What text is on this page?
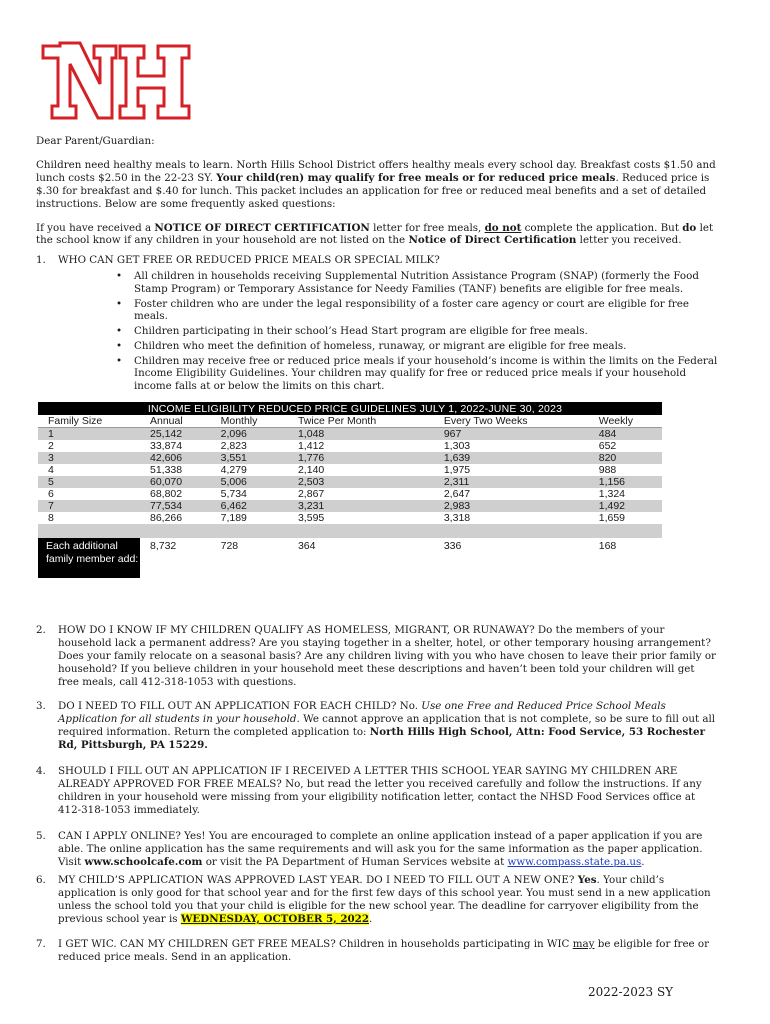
NH

Dear Parent/Guardian:

Children need healthy meals to learn. North Hills School District offers healthy meals every school day. Breakfast costs $1.50 and lunch costs $2.50 in the 22-23 SY. Your child(ren) may qualify for free meals or for reduced price meals. Reduced price is $.30 for breakfast and $.40 for lunch. This packet includes an application for free or reduced meal benefits and a set of detailed instructions. Below are some frequently asked questions:

If you have received a NOTICE OF DIRECT CERTIFICATION letter for free meals, do not complete the application. But do let the school know if any children in your household are not listed on the Notice of Direct Certification letter you received.

1. WHO CAN GET FREE OR REDUCED PRICE MEALS OR SPECIAL MILK?
• All children in households receiving Supplemental Nutrition Assistance Program (SNAP) (formerly the Food Stamp Program) or Temporary Assistance for Needy Families (TANF) benefits are eligible for free meals.
• Foster children who are under the legal responsibility of a foster care agency or court are eligible for free meals.
• Children participating in their school’s Head Start program are eligible for free meals.
• Children who meet the definition of homeless, runaway, or migrant are eligible for free meals.
• Children may receive free or reduced price meals if your household’s income is within the limits on the Federal Income Eligibility Guidelines. Your children may qualify for free or reduced price meals if your household income falls at or below the limits on this chart.
INCOME ELIGIBILITY REDUCED PRICE GUIDELINES JULY 1, 2022-JUNE 30, 2023					
Family Size	Annual	Monthly	Twice Per Month	Every Two Weeks	Weekly
1	25,142	2,096	1,048	967	484
2	33,874	2,823	1,412	1,303	652
3	42,606	3,551	1,776	1,639	820
4	51,338	4,279	2,140	1,975	988
5	60,070	5,006	2,503	2,311	1,156
6	68,802	5,734	2,867	2,647	1,324
7	77,534	6,462	3,231	2,983	1,492
8	86,266	7,189	3,595	3,318	1,659

Each additional family member add:	8,732	728	364	336	168
2. HOW DO I KNOW IF MY CHILDREN QUALIFY AS HOMELESS, MIGRANT, OR RUNAWAY? Do the members of your household lack a permanent address? Are you staying together in a shelter, hotel, or other temporary housing arrangement? Does your family relocate on a seasonal basis? Are any children living with you who have chosen to leave their prior family or household? If you believe children in your household meet these descriptions and haven’t been told your children will get free meals, call 412-318-1053 with questions.
3. DO I NEED TO FILL OUT AN APPLICATION FOR EACH CHILD? No. Use one Free and Reduced Price School Meals Application for all students in your household. We cannot approve an application that is not complete, so be sure to fill out all required information. Return the completed application to: North Hills High School, Attn: Food Service, 53 Rochester Rd, Pittsburgh, PA 15229.
4. SHOULD I FILL OUT AN APPLICATION IF I RECEIVED A LETTER THIS SCHOOL YEAR SAYING MY CHILDREN ARE ALREADY APPROVED FOR FREE MEALS? No, but read the letter you received carefully and follow the instructions. If any children in your household were missing from your eligibility notification letter, contact the NHSD Food Services office at 412-318-1053 immediately.
5. CAN I APPLY ONLINE? Yes! You are encouraged to complete an online application instead of a paper application if you are able. The online application has the same requirements and will ask you for the same information as the paper application. Visit www.schoolcafe.com or visit the PA Department of Human Services website at www.compass.state.pa.us.
6. MY CHILD’S APPLICATION WAS APPROVED LAST YEAR. DO I NEED TO FILL OUT A NEW ONE? Yes. Your child’s application is only good for that school year and for the first few days of this school year. You must send in a new application unless the school told you that your child is eligible for the new school year. The deadline for carryover eligibility from the previous school year is WEDNESDAY, OCTOBER 5, 2022.
7. I GET WIC. CAN MY CHILDREN GET FREE MEALS? Children in households participating in WIC may be eligible for free or reduced price meals. Send in an application.
2022-2023 SY
